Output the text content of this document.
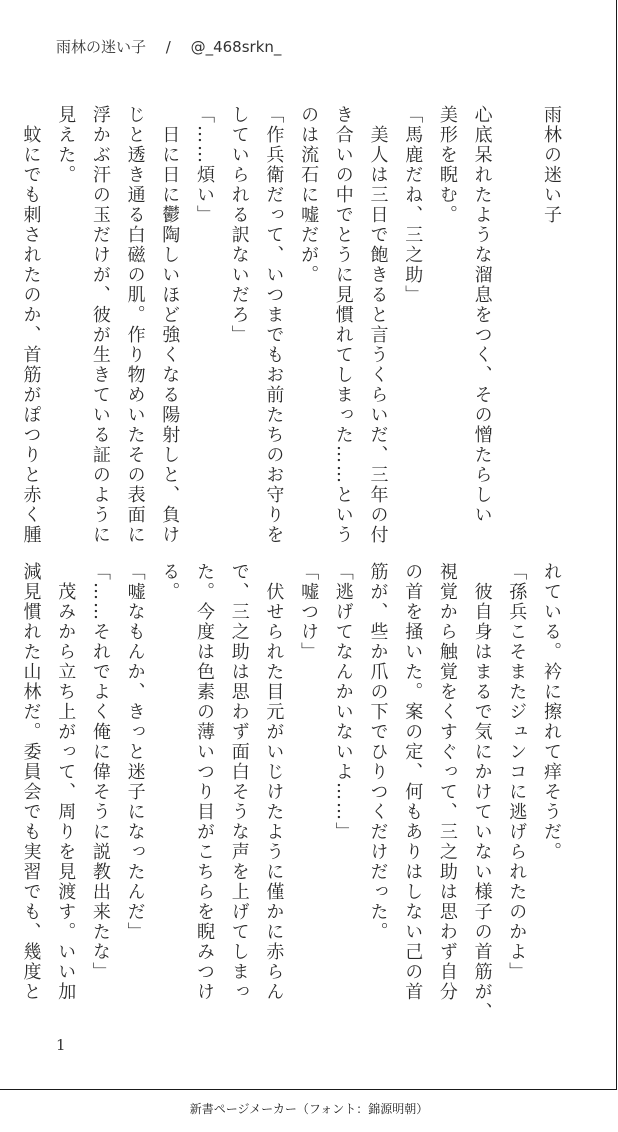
雨林の迷い子　 /　 @_468srkn_
雨林の迷い子
心底呆れたような溜息をつく、その憎たらしい
美形を睨む。
「馬鹿だね、三之助」
　美人は三日で飽きると言うくらいだ、三年の付
き合いの中でとうに見慣れてしまった……という
のは流石に嘘だが。
「作兵衛だって、いつまでもお前たちのお守りを
していられる訳ないだろ」
「……煩い」
　日に日に鬱陶しいほど強くなる陽射しと、負け
じと透き通る白磁の肌。作り物めいたその表面に
浮かぶ汗の玉だけが、彼が生きている証のように
見えた。
　蚊にでも刺されたのか、首筋がぽつりと赤く腫
れている。衿に擦れて痒そうだ。
「孫兵こそまたジュンコに逃げられたのかよ」
　彼自身はまるで気にかけていない様子の首筋が、
視覚から触覚をくすぐって、三之助は思わず自分
の首を掻いた。案の定、何もありはしない己の首
筋が、些か爪の下でひりつくだけだった。
「逃げてなんかいないよ……」
「嘘つけ」
　伏せられた目元がいじけたように僅かに赤らん
で、三之助は思わず面白そうな声を上げてしまっ
た。今度は色素の薄いつり目がこちらを睨みつけ
る。
「嘘なもんか、きっと迷子になったんだ」
「……それでよく俺に偉そうに説教出来たな」
　茂みから立ち上がって、周りを見渡す。いい加
減見慣れた山林だ。委員会でも実習でも、幾度と
1
新書ページメーカー（フォント：錦源明朝）
